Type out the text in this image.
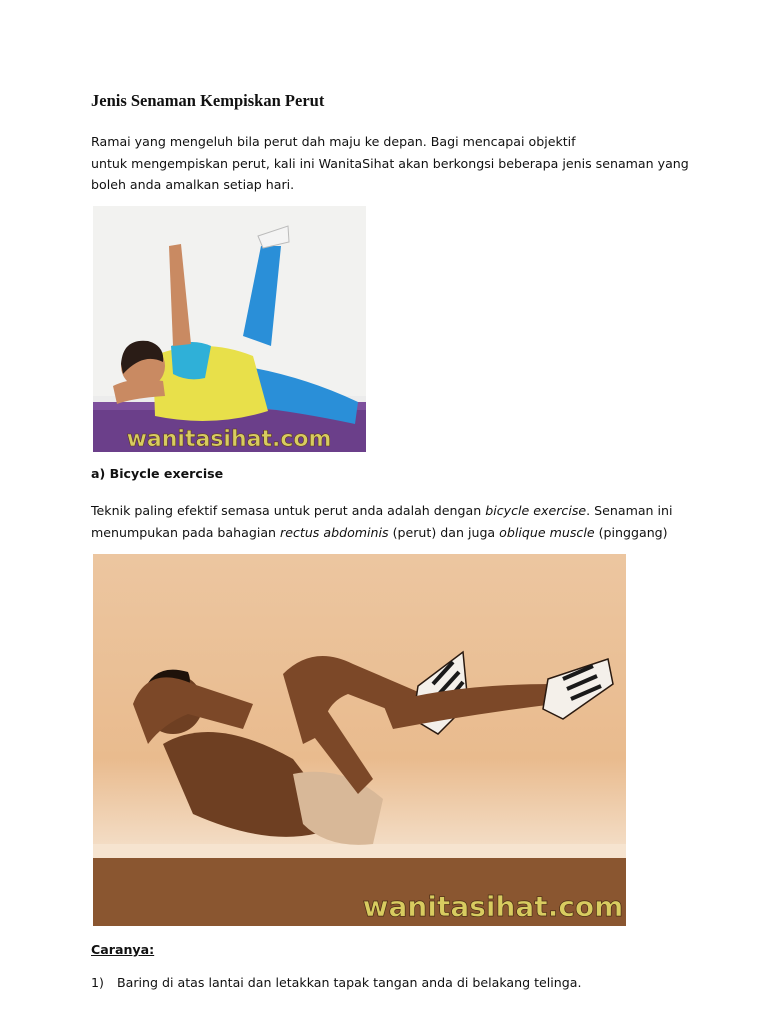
Jenis Senaman Kempiskan Perut

Ramai yang mengeluh bila perut dah maju ke depan. Bagi mencapai objektif
untuk mengempiskan perut, kali ini WanitaSihat akan berkongsi beberapa jenis senaman yang
boleh anda amalkan setiap hari.

wanitasihat.com

a) Bicycle exercise

Teknik paling efektif semasa untuk perut anda adalah dengan bicycle exercise. Senaman ini
menumpukan pada bahagian rectus abdominis (perut) dan juga oblique muscle (pinggang)

wanitasihat.com

Caranya:

1) Baring di atas lantai dan letakkan tapak tangan anda di belakang telinga.
